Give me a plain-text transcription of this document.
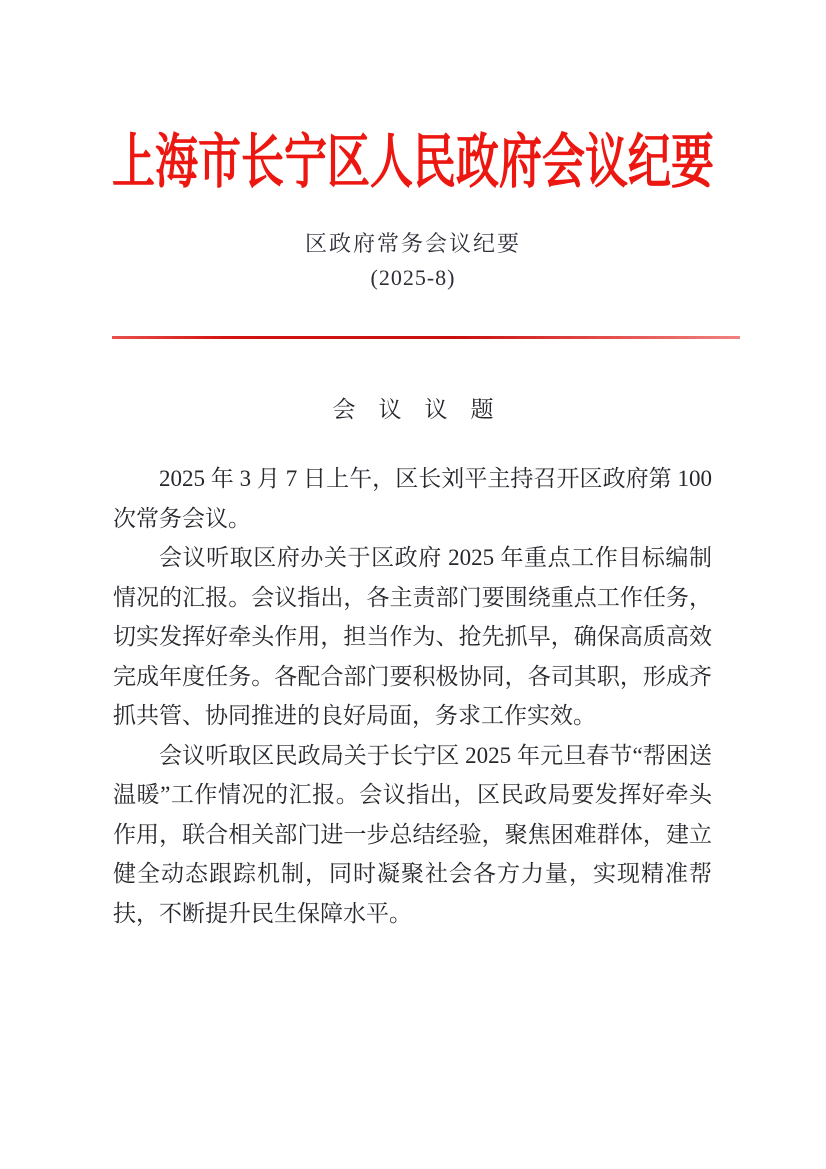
上海市长宁区人民政府会议纪要
区政府常务会议纪要
(2025-8)
会　议　议　题

2025 年 3 月 7 日上午，区长刘平主持召开区政府第 100 次常务会议。

会议听取区府办关于区政府 2025 年重点工作目标编制情况的汇报。会议指出，各主责部门要围绕重点工作任务，切实发挥好牵头作用，担当作为、抢先抓早，确保高质高效完成年度任务。各配合部门要积极协同，各司其职，形成齐抓共管、协同推进的良好局面，务求工作实效。

会议听取区民政局关于长宁区 2025 年元旦春节“帮困送温暖”工作情况的汇报。会议指出，区民政局要发挥好牵头作用，联合相关部门进一步总结经验，聚焦困难群体，建立健全动态跟踪机制，同时凝聚社会各方力量，实现精准帮扶，不断提升民生保障水平。
